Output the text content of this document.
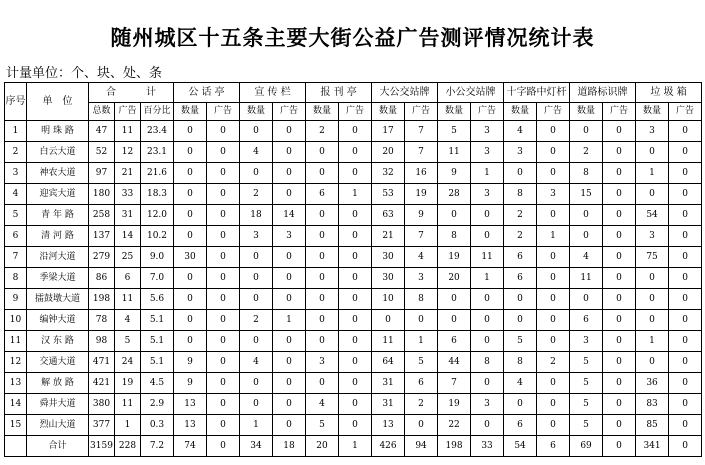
随州城区十五条主要大街公益广告测评情况统计表
计量单位：个、块、处、条
序号	单　位	合　　　计			公 话 亭		宣 传 栏		报 刊 亭		大公交站牌		小公交站牌		十字路中灯杆		道路标识牌		垃 圾 箱	
		总数	广告	百分比	数量	广告	数量	广告	数量	广告	数量	广告	数量	广告	数量	广告	数量	广告	数量	广告
1	明 珠 路	47	11	23.4	0	0	0	0	2	0	17	7	5	3	4	0	0	0	3	0
2	白云大道	52	12	23.1	0	0	4	0	0	0	20	7	11	3	3	0	2	0	0	0
3	神农大道	97	21	21.6	0	0	0	0	0	0	32	16	9	1	0	0	8	0	1	0
4	迎宾大道	180	33	18.3	0	0	2	0	6	1	53	19	28	3	8	3	15	0	0	0
5	青 年 路	258	31	12.0	0	0	18	14	0	0	63	9	0	0	2	0	0	0	54	0
6	清 河 路	137	14	10.2	0	0	3	3	0	0	21	7	8	0	2	1	0	0	3	0
7	沿河大道	279	25	9.0	30	0	0	0	0	0	30	4	19	11	6	0	4	0	75	0
8	季梁大道	86	6	7.0	0	0	0	0	0	0	30	3	20	1	6	0	11	0	0	0
9	擂鼓墩大道	198	11	5.6	0	0	0	0	0	0	10	8	0	0	0	0	0	0	0	0
10	编钟大道	78	4	5.1	0	0	2	1	0	0	0	0	0	0	0	0	6	0	0	0
11	汉 东 路	98	5	5.1	0	0	0	0	0	0	11	1	6	0	5	0	3	0	1	0
12	交通大道	471	24	5.1	9	0	4	0	3	0	64	5	44	8	8	2	5	0	0	0
13	解 放 路	421	19	4.5	9	0	0	0	0	0	31	6	7	0	4	0	5	0	36	0
14	舜井大道	380	11	2.9	13	0	0	0	4	0	31	2	19	3	0	0	5	0	83	0
15	烈山大道	377	1	0.3	13	0	1	0	5	0	13	0	22	0	6	0	5	0	85	0
	合计	3159	228	7.2	74	0	34	18	20	1	426	94	198	33	54	6	69	0	341	0
